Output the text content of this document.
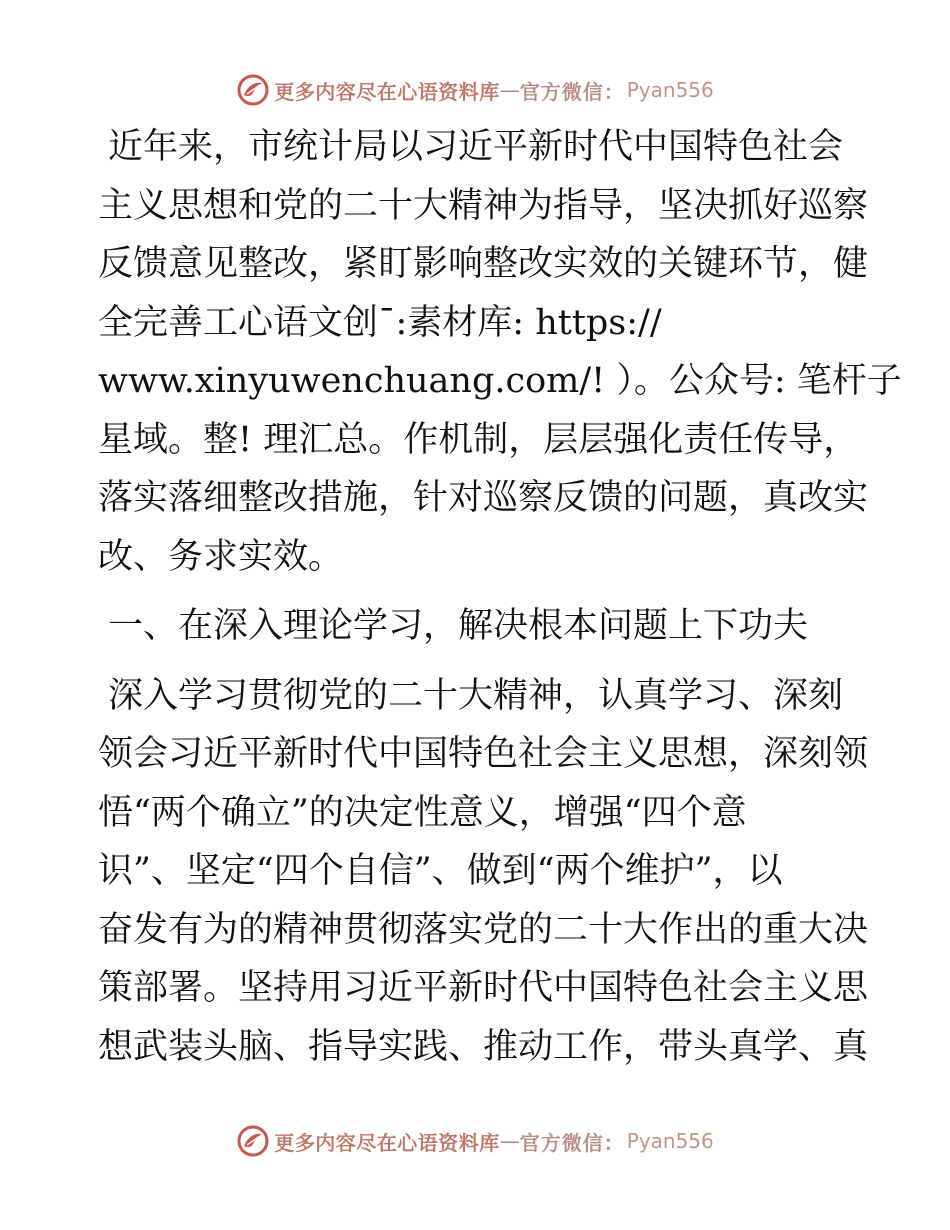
更多内容尽在心语资料库 — 官方微信： Pyan556
近年来，市统计局以习近平新时代中国特色社会
主义思想和党的二十大精神为指导，坚决抓好巡察
反馈意见整改，紧盯影响整改实效的关键环节，健
全完善工心语文创¯:素材库: https://
www.xinyuwenchuang.com/! ）。公众号: 笔杆子
星域。整! 理汇总。作机制，层层强化责任传导，
落实落细整改措施，针对巡察反馈的问题，真改实
改、务求实效。
一、在深入理论学习，解决根本问题上下功夫
深入学习贯彻党的二十大精神，认真学习、深刻
领会习近平新时代中国特色社会主义思想，深刻领
悟“两个确立”的决定性意义，增强“四个意
识”、坚定“四个自信”、做到“两个维护”，以
奋发有为的精神贯彻落实党的二十大作出的重大决
策部署。坚持用习近平新时代中国特色社会主义思
想武装头脑、指导实践、推动工作，带头真学、真
更多内容尽在心语资料库 — 官方微信： Pyan556
